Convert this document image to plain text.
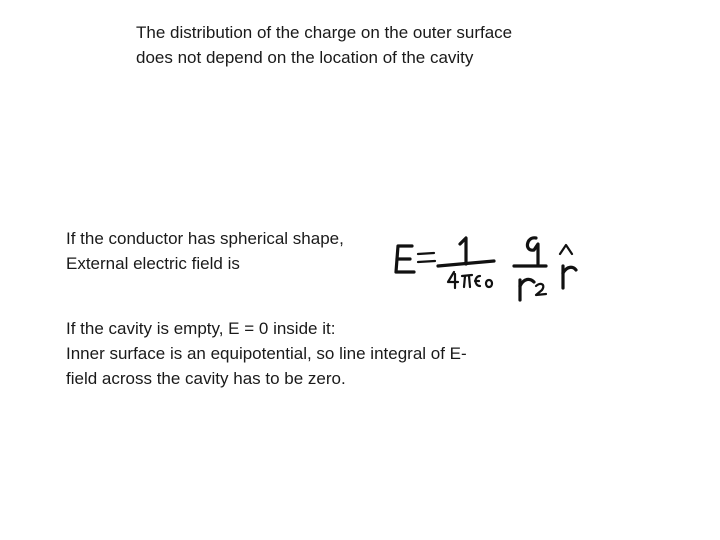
The distribution of the charge on the outer surface
does not depend on the location of the cavity

If the conductor has spherical shape,
External electric field is

If the cavity is empty, E = 0 inside it:
Inner surface is an equipotential, so line integral of E-
field across the cavity has to be zero.
